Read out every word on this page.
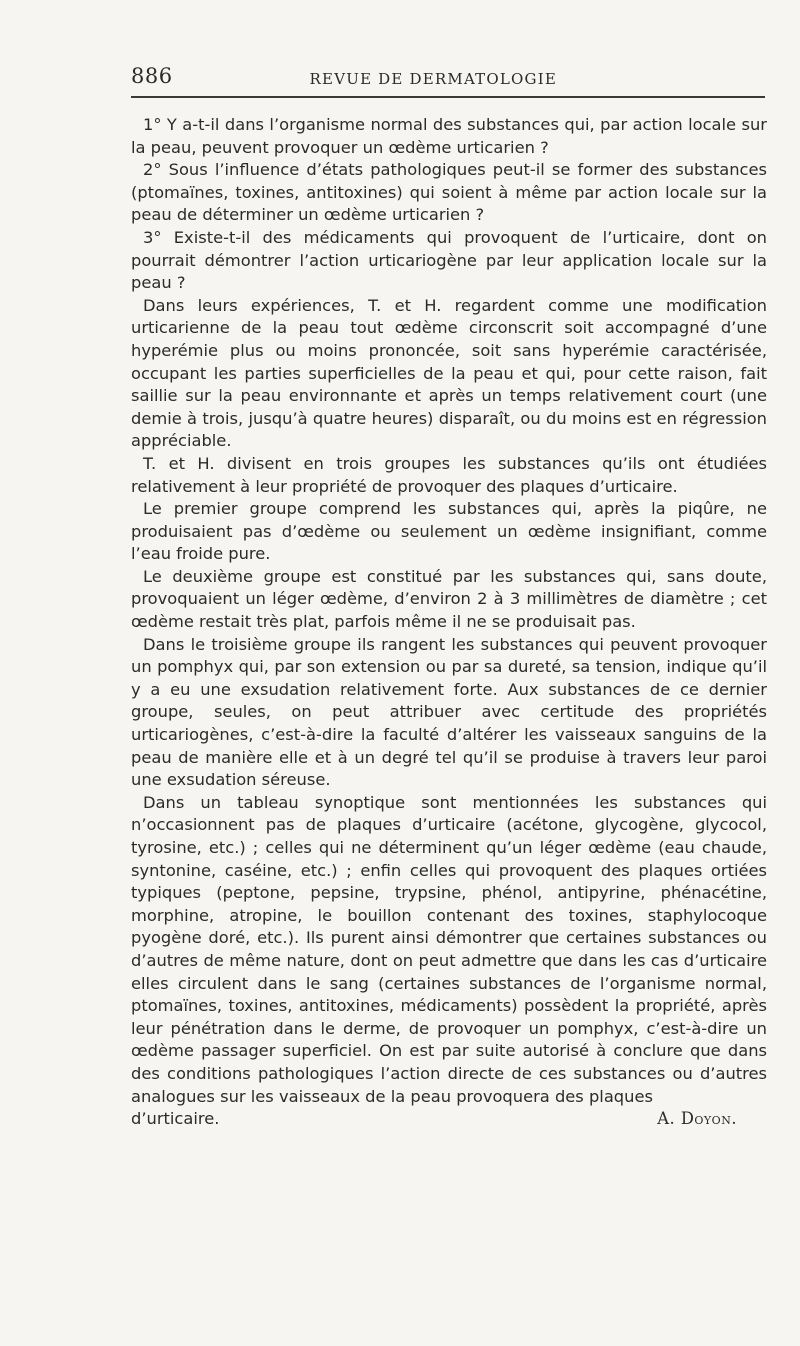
886	REVUE DE DERMATOLOGIE

1° Y a-t-il dans l’organisme normal des substances qui, par action locale sur la peau, peuvent provoquer un œdème urticarien ?

2° Sous l’influence d’états pathologiques peut-il se former des substances (ptomaïnes, toxines, antitoxines) qui soient à même par action locale sur la peau de déterminer un œdème urticarien ?

3° Existe-t-il des médicaments qui provoquent de l’urticaire, dont on pourrait démontrer l’action urticariogène par leur application locale sur la peau ?

Dans leurs expériences, T. et H. regardent comme une modification urticarienne de la peau tout œdème circonscrit soit accompagné d’une hyperémie plus ou moins prononcée, soit sans hyperémie caractérisée, occupant les parties superficielles de la peau et qui, pour cette raison, fait saillie sur la peau environnante et après un temps relativement court (une demie à trois, jusqu’à quatre heures) disparaît, ou du moins est en régression appréciable.

T. et H. divisent en trois groupes les substances qu’ils ont étudiées relativement à leur propriété de provoquer des plaques d’urticaire.

Le premier groupe comprend les substances qui, après la piqûre, ne produisaient pas d’œdème ou seulement un œdème insignifiant, comme l’eau froide pure.

Le deuxième groupe est constitué par les substances qui, sans doute, provoquaient un léger œdème, d’environ 2 à 3 millimètres de diamètre ; cet œdème restait très plat, parfois même il ne se produisait pas.

Dans le troisième groupe ils rangent les substances qui peuvent provoquer un pomphyx qui, par son extension ou par sa dureté, sa tension, indique qu’il y a eu une exsudation relativement forte. Aux substances de ce dernier groupe, seules, on peut attribuer avec certitude des propriétés urticariogènes, c’est-à-dire la faculté d’altérer les vaisseaux sanguins de la peau de manière elle et à un degré tel qu’il se produise à travers leur paroi une exsudation séreuse.

Dans un tableau synoptique sont mentionnées les substances qui n’occasionnent pas de plaques d’urticaire (acétone, glycogène, glycocol, tyrosine, etc.) ; celles qui ne déterminent qu’un léger œdème (eau chaude, syntonine, caséine, etc.) ; enfin celles qui provoquent des plaques ortiées typiques (peptone, pepsine, trypsine, phénol, antipyrine, phénacétine, morphine, atropine, le bouillon contenant des toxines, staphylocoque pyogène doré, etc.). Ils purent ainsi démontrer que certaines substances ou d’autres de même nature, dont on peut admettre que dans les cas d’urticaire elles circulent dans le sang (certaines substances de l’organisme normal, ptomaïnes, toxines, antitoxines, médicaments) possèdent la propriété, après leur pénétration dans le derme, de provoquer un pomphyx, c’est-à-dire un œdème passager superficiel. On est par suite autorisé à conclure que dans des conditions pathologiques l’action directe de ces substances ou d’autres analogues sur les vaisseaux de la peau provoquera des plaques

d’urticaire.	A. Doyon.
